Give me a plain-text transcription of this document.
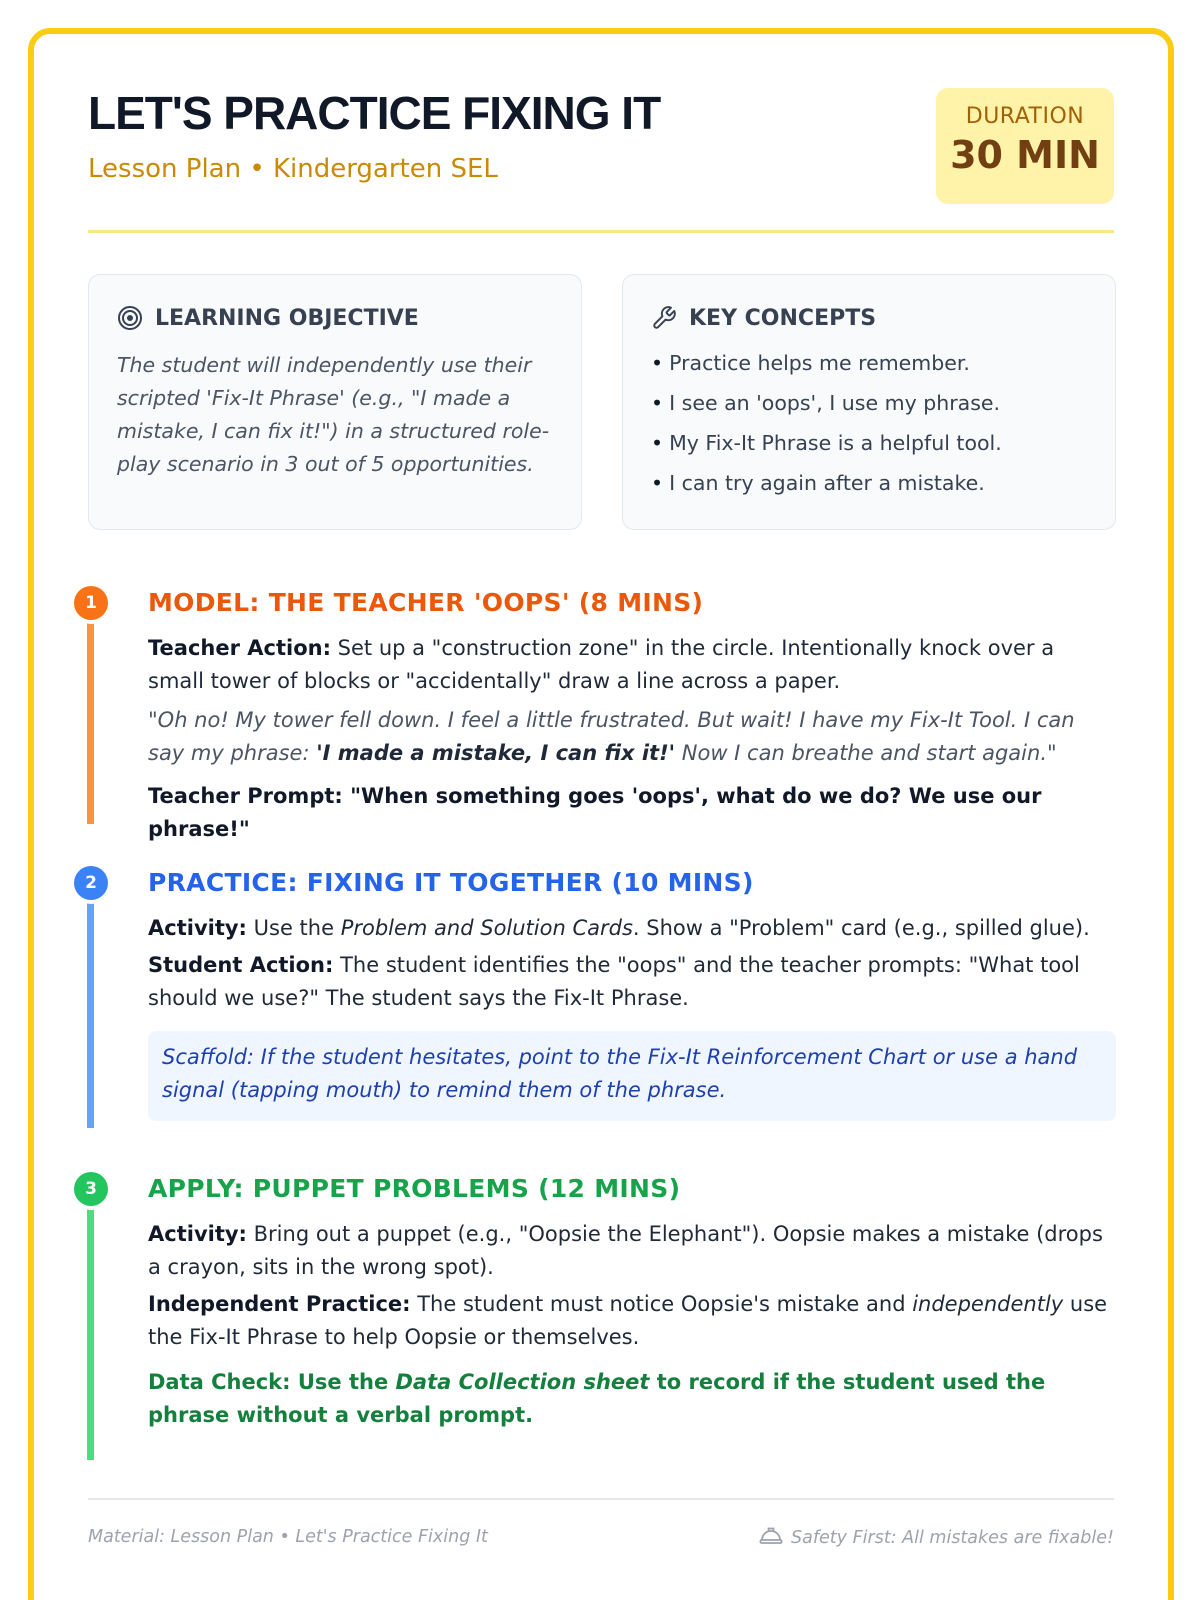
LET'S PRACTICE FIXING IT
Lesson Plan • Kindergarten SEL
DURATION
30 MIN
LEARNING OBJECTIVE

The student will independently use their scripted 'Fix-It Phrase' (e.g., "I made a mistake, I can fix it!") in a structured role-play scenario in 3 out of 5 opportunities.

KEY CONCEPTS
• Practice helps me remember.
• I see an 'oops', I use my phrase.
• My Fix-It Phrase is a helpful tool.
• I can try again after a mistake.
1	MODEL: THE TEACHER 'OOPS' (8 MINS)

Teacher Action: Set up a "construction zone" in the circle. Intentionally knock over a small tower of blocks or "accidentally" draw a line across a paper.

"Oh no! My tower fell down. I feel a little frustrated. But wait! I have my Fix-It Tool. I can say my phrase: 'I made a mistake, I can fix it!' Now I can breathe and start again."

Teacher Prompt: "When something goes 'oops', what do we do? We use our phrase!"

2	PRACTICE: FIXING IT TOGETHER (10 MINS)

Activity: Use the Problem and Solution Cards. Show a "Problem" card (e.g., spilled glue).

Student Action: The student identifies the "oops" and the teacher prompts: "What tool should we use?" The student says the Fix-It Phrase.

Scaffold: If the student hesitates, point to the Fix-It Reinforcement Chart or use a hand signal (tapping mouth) to remind them of the phrase.
3	APPLY: PUPPET PROBLEMS (12 MINS)

Activity: Bring out a puppet (e.g., "Oopsie the Elephant"). Oopsie makes a mistake (drops a crayon, sits in the wrong spot).

Independent Practice: The student must notice Oopsie's mistake and independently use the Fix-It Phrase to help Oopsie or themselves.

Data Check: Use the Data Collection sheet to record if the student used the phrase without a verbal prompt.

Material: Lesson Plan • Let's Practice Fixing It	Safety First: All mistakes are fixable!
